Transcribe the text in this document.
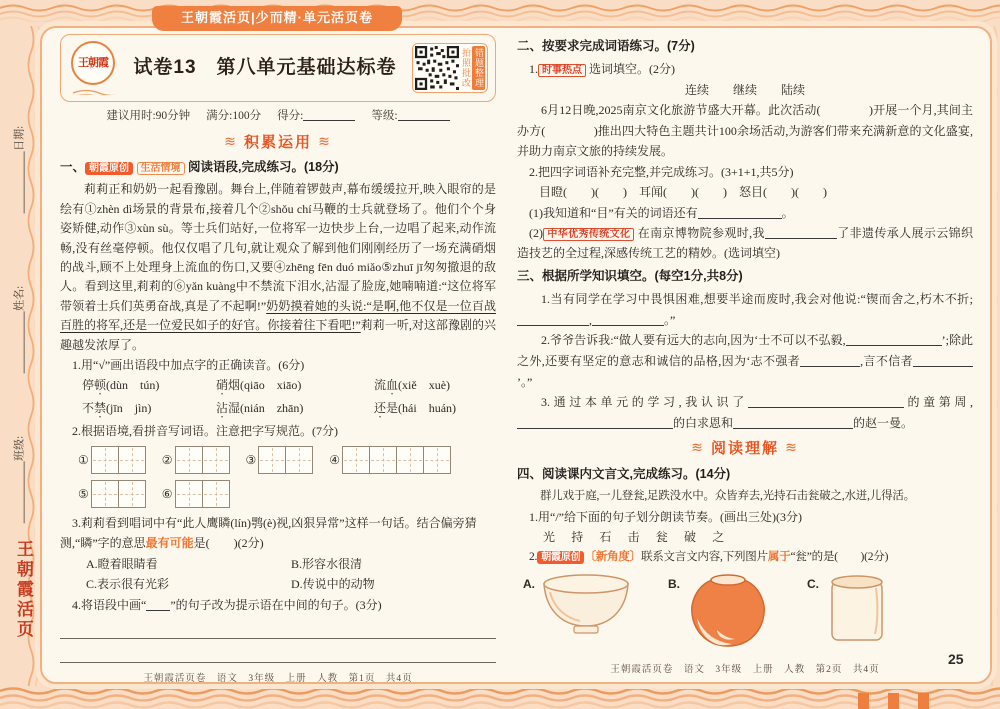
日期:
姓名:
班级:
王朝霞活页
王朝霞活页|少而精·单元活页卷
25
王朝霞	试卷13　第八单元基础达标卷	拍照批改 错题整理
建议用时:90分钟 满分:100分 得分:	等级:
≋ 积累运用 ≋
一、 朝霞原创 生活情境 阅读语段,完成练习。(18分)
莉莉正和奶奶一起看豫剧。舞台上,伴随着锣鼓声,幕布缓缓拉开,映入眼帘的是绘有①zhèn dì场景的背景布,接着几个②shǒu chí马鞭的士兵就登场了。他们个个身姿矫健,动作③xùn sù。等士兵们站好,一位将军一边快步上台,一边唱了起来,动作流畅,没有丝毫停顿。他仅仅唱了几句,就让观众了解到他们刚刚经历了一场充满硝烟的战斗,顾不上处理身上流血的伤口,又要④zhēng fēn duó miǎo⑤zhuī jī匆匆撤退的敌人。看到这里,莉莉的⑥yǎn kuàng中不禁流下泪水,沾湿了脸庞,她喃喃道:“这位将军带领着士兵们英勇奋战,真是了不起啊!”奶奶摸着她的头说:“是啊,他不仅是一位百战百胜的将军,还是一位爱民如子的好官。你接着往下看吧!”莉莉一听,对这部豫剧的兴趣越发浓厚了。
1.用“√”画出语段中加点字的正确读音。(6分)
停顿(dùn　tún)	硝烟(qiāo　xiāo)	流血(xiě　xuè)
不禁(jīn　jìn)	沾湿(nián　zhān)	还是(hái　huán)
2.根据语境,看拼音写词语。注意把字写规范。(7分)
①	②	③	④
⑤	⑥
3.莉莉看到唱词中有“此人鹰瞵(lín)鹗(è)视,凶狠异常”这样一句话。结合偏旁猜测,“瞵”字的意思最有可能是(　　)(2分)
A.瞪着眼睛看	B.形容水很清
C.表示很有光彩	D.传说中的动物
4.将语段中画“ ”的句子改为提示语在中间的句子。(3分)
王朝霞活页卷　语文　3年级　上册　人教　第1页　共4页
二、按要求完成词语练习。(7分)
1. 时事热点 选词填空。(2分)
连续　　继续　　陆续
6月12日晚,2025南京文化旅游节盛大开幕。此次活动(　　　　)开展一个月,其间主办方(　　　　)推出四大特色主题共计100余场活动,为游客们带来充满新意的文化盛宴,并助力南京文旅的持续发展。
2.把四字词语补充完整,并完成练习。(3+1+1,共5分)
目瞪(　　)(　　)　耳闻(　　)(　　)　怒目(　　)(　　)
(1)我知道和“目”有关的词语还有	。
(2) 中华优秀传统文化 在南京博物院参观时,我	了非遗传承人展示云锦织造技艺的全过程,深感传统工艺的精妙。(选词填空)
三、根据所学知识填空。(每空1分,共8分)
1.当有同学在学习中畏惧困难,想要半途而废时,我会对他说:“锲而舍之,朽木不折;,	。”
2.爷爷告诉我:“做人要有远大的志向,因为‘士不可以不弘毅,	’;除此之外,还要有坚定的意志和诚信的品格,因为‘志不强者	,言不信者’。”
3.通过本单元的学习,我认识了	的童第周,的白求恩和	的赵一曼。
≋ 阅读理解 ≋
四、阅读课内文言文,完成练习。(14分)
群儿戏于庭,一儿登瓮,足跌没水中。众皆弃去,光持石击瓮破之,水迸,儿得活。
1.用“/”给下面的句子划分朗读节奏。(画出三处)(3分)
光 持 石 击 瓮 破 之
2. 朝霞原创 〔新角度〕联系文言文内容,下列图片属于“瓮”的是(　　)(2分)
A.	B.	C.
王朝霞活页卷　语文　3年级　上册　人教　第2页　共4页
